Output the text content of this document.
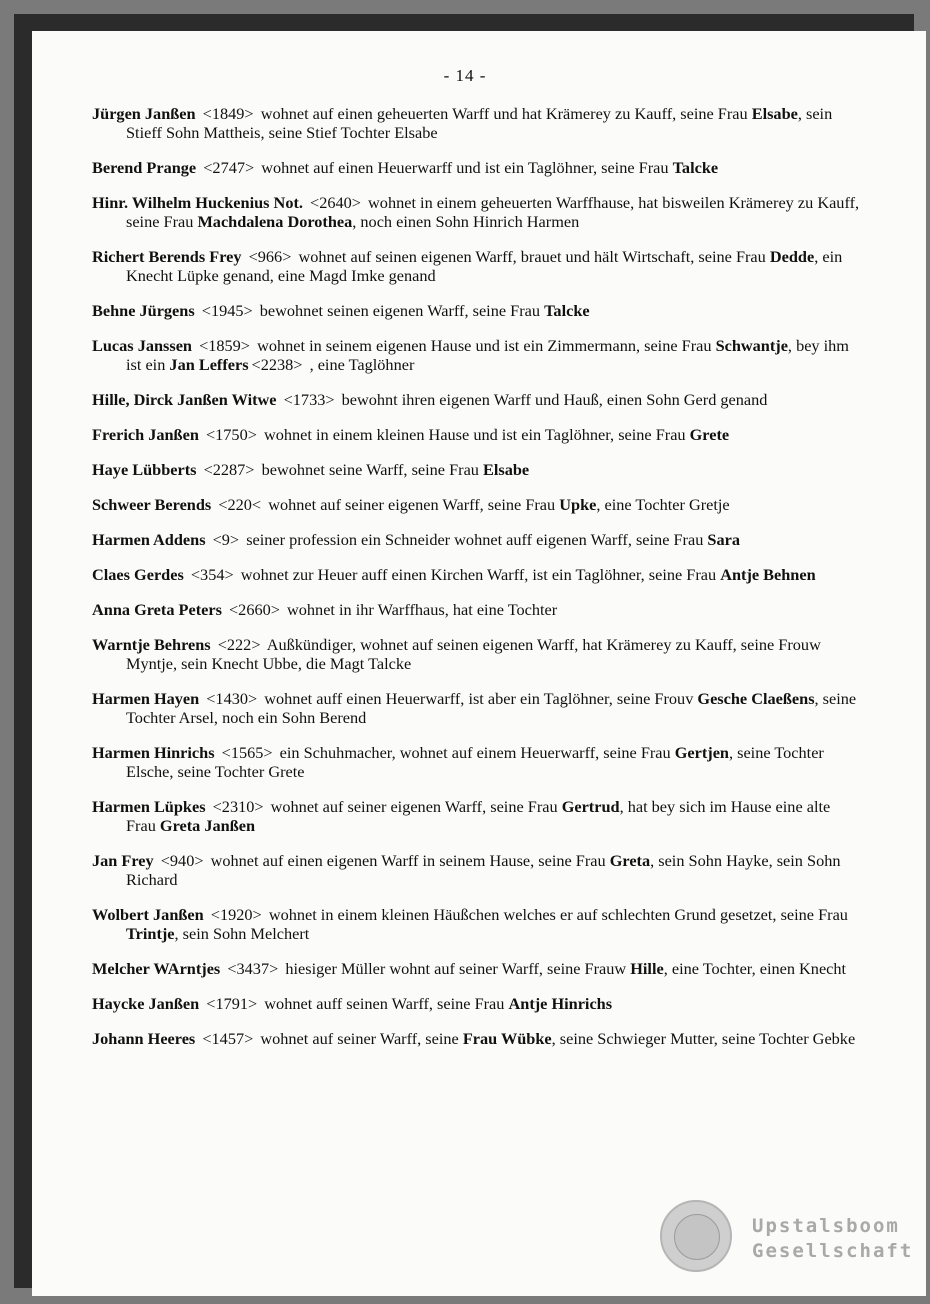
- 14 -
Jürgen Janßen <1849> wohnet auf einen geheuerten Warff und hat Krämerey zu Kauff, seine Frau Elsabe, sein Stieff Sohn Mattheis, seine Stief Tochter Elsabe
Berend Prange <2747> wohnet auf einen Heuerwarff und ist ein Taglöhner, seine Frau Talcke
Hinr. Wilhelm Huckenius Not. <2640> wohnet in einem geheuerten Warffhause, hat bisweilen Krämerey zu Kauff, seine Frau Machdalena Dorothea, noch einen Sohn Hinrich Harmen
Richert Berends Frey <966> wohnet auf seinen eigenen Warff, brauet und hält Wirtschaft, seine Frau Dedde, ein Knecht Lüpke genand, eine Magd Imke genand
Behne Jürgens <1945> bewohnet seinen eigenen Warff, seine Frau Talcke
Lucas Janssen <1859> wohnet in seinem eigenen Hause und ist ein Zimmermann, seine Frau Schwantje, bey ihm ist ein Jan Leffers <2238> , eine Taglöhner
Hille, Dirck Janßen Witwe <1733> bewohnt ihren eigenen Warff und Hauß, einen Sohn Gerd genand
Frerich Janßen <1750> wohnet in einem kleinen Hause und ist ein Taglöhner, seine Frau Grete
Haye Lübberts <2287> bewohnet seine Warff, seine Frau Elsabe
Schweer Berends <220< wohnet auf seiner eigenen Warff, seine Frau Upke, eine Tochter Gretje
Harmen Addens <9> seiner profession ein Schneider wohnet auff eigenen Warff, seine Frau Sara
Claes Gerdes <354> wohnet zur Heuer auff einen Kirchen Warff, ist ein Taglöhner, seine Frau Antje Behnen
Anna Greta Peters <2660> wohnet in ihr Warffhaus, hat eine Tochter
Warntje Behrens <222> Außkündiger, wohnet auf seinen eigenen Warff, hat Krämerey zu Kauff, seine Frouw Myntje, sein Knecht Ubbe, die Magt Talcke
Harmen Hayen <1430> wohnet auff einen Heuerwarff, ist aber ein Taglöhner, seine Frouv Gesche Claeßens, seine Tochter Arsel, noch ein Sohn Berend
Harmen Hinrichs <1565> ein Schuhmacher, wohnet auf einem Heuerwarff, seine Frau Gertjen, seine Tochter Elsche, seine Tochter Grete
Harmen Lüpkes <2310> wohnet auf seiner eigenen Warff, seine Frau Gertrud, hat bey sich im Hause eine alte Frau Greta Janßen
Jan Frey <940> wohnet auf einen eigenen Warff in seinem Hause, seine Frau Greta, sein Sohn Hayke, sein Sohn Richard
Wolbert Janßen <1920> wohnet in einem kleinen Häußchen welches er auf schlechten Grund gesetzet, seine Frau Trintje, sein Sohn Melchert
Melcher WArntjes <3437> hiesiger Müller wohnt auf seiner Warff, seine Frauw Hille, eine Tochter, einen Knecht
Haycke Janßen <1791> wohnet auff seinen Warff, seine Frau Antje Hinrichs
Johann Heeres <1457> wohnet auf seiner Warff, seine Frau Wübke, seine Schwieger Mutter, seine Tochter Gebke
Upstalsboom
Gesellschaft
